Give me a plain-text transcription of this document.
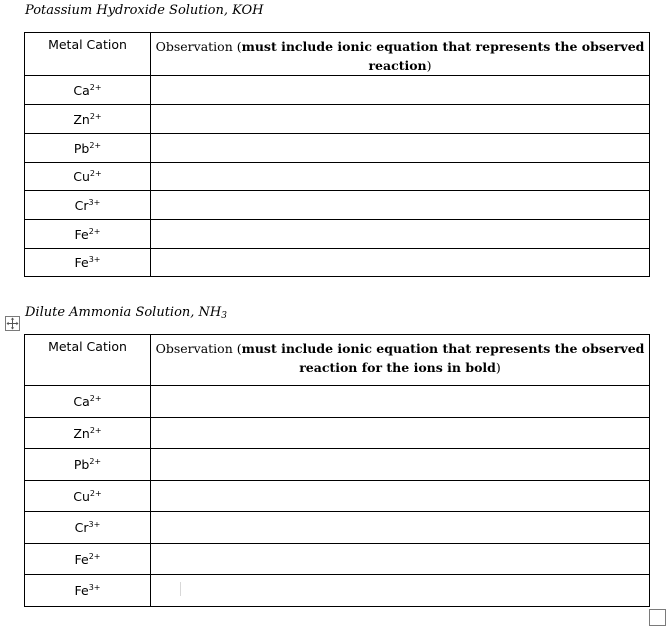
Potassium Hydroxide Solution, KOH
Metal Cation	Observation (must include ionic equation that represents the observed reaction)
$Ca^{2+}$	
$Zn^{2+}$	
$Pb^{2+}$	
$Cu^{2+}$	
$Cr^{3+}$	
$Fe^{2+}$	
$Fe^{3+}$	
Dilute Ammonia Solution, $NH_3$
Metal Cation	Observation (must include ionic equation that represents the observed reaction for the ions in bold)
$Ca^{2+}$	
$Zn^{2+}$	
$Pb^{2+}$	
$Cu^{2+}$	
$Cr^{3+}$	
$Fe^{2+}$	
$Fe^{3+}$	
